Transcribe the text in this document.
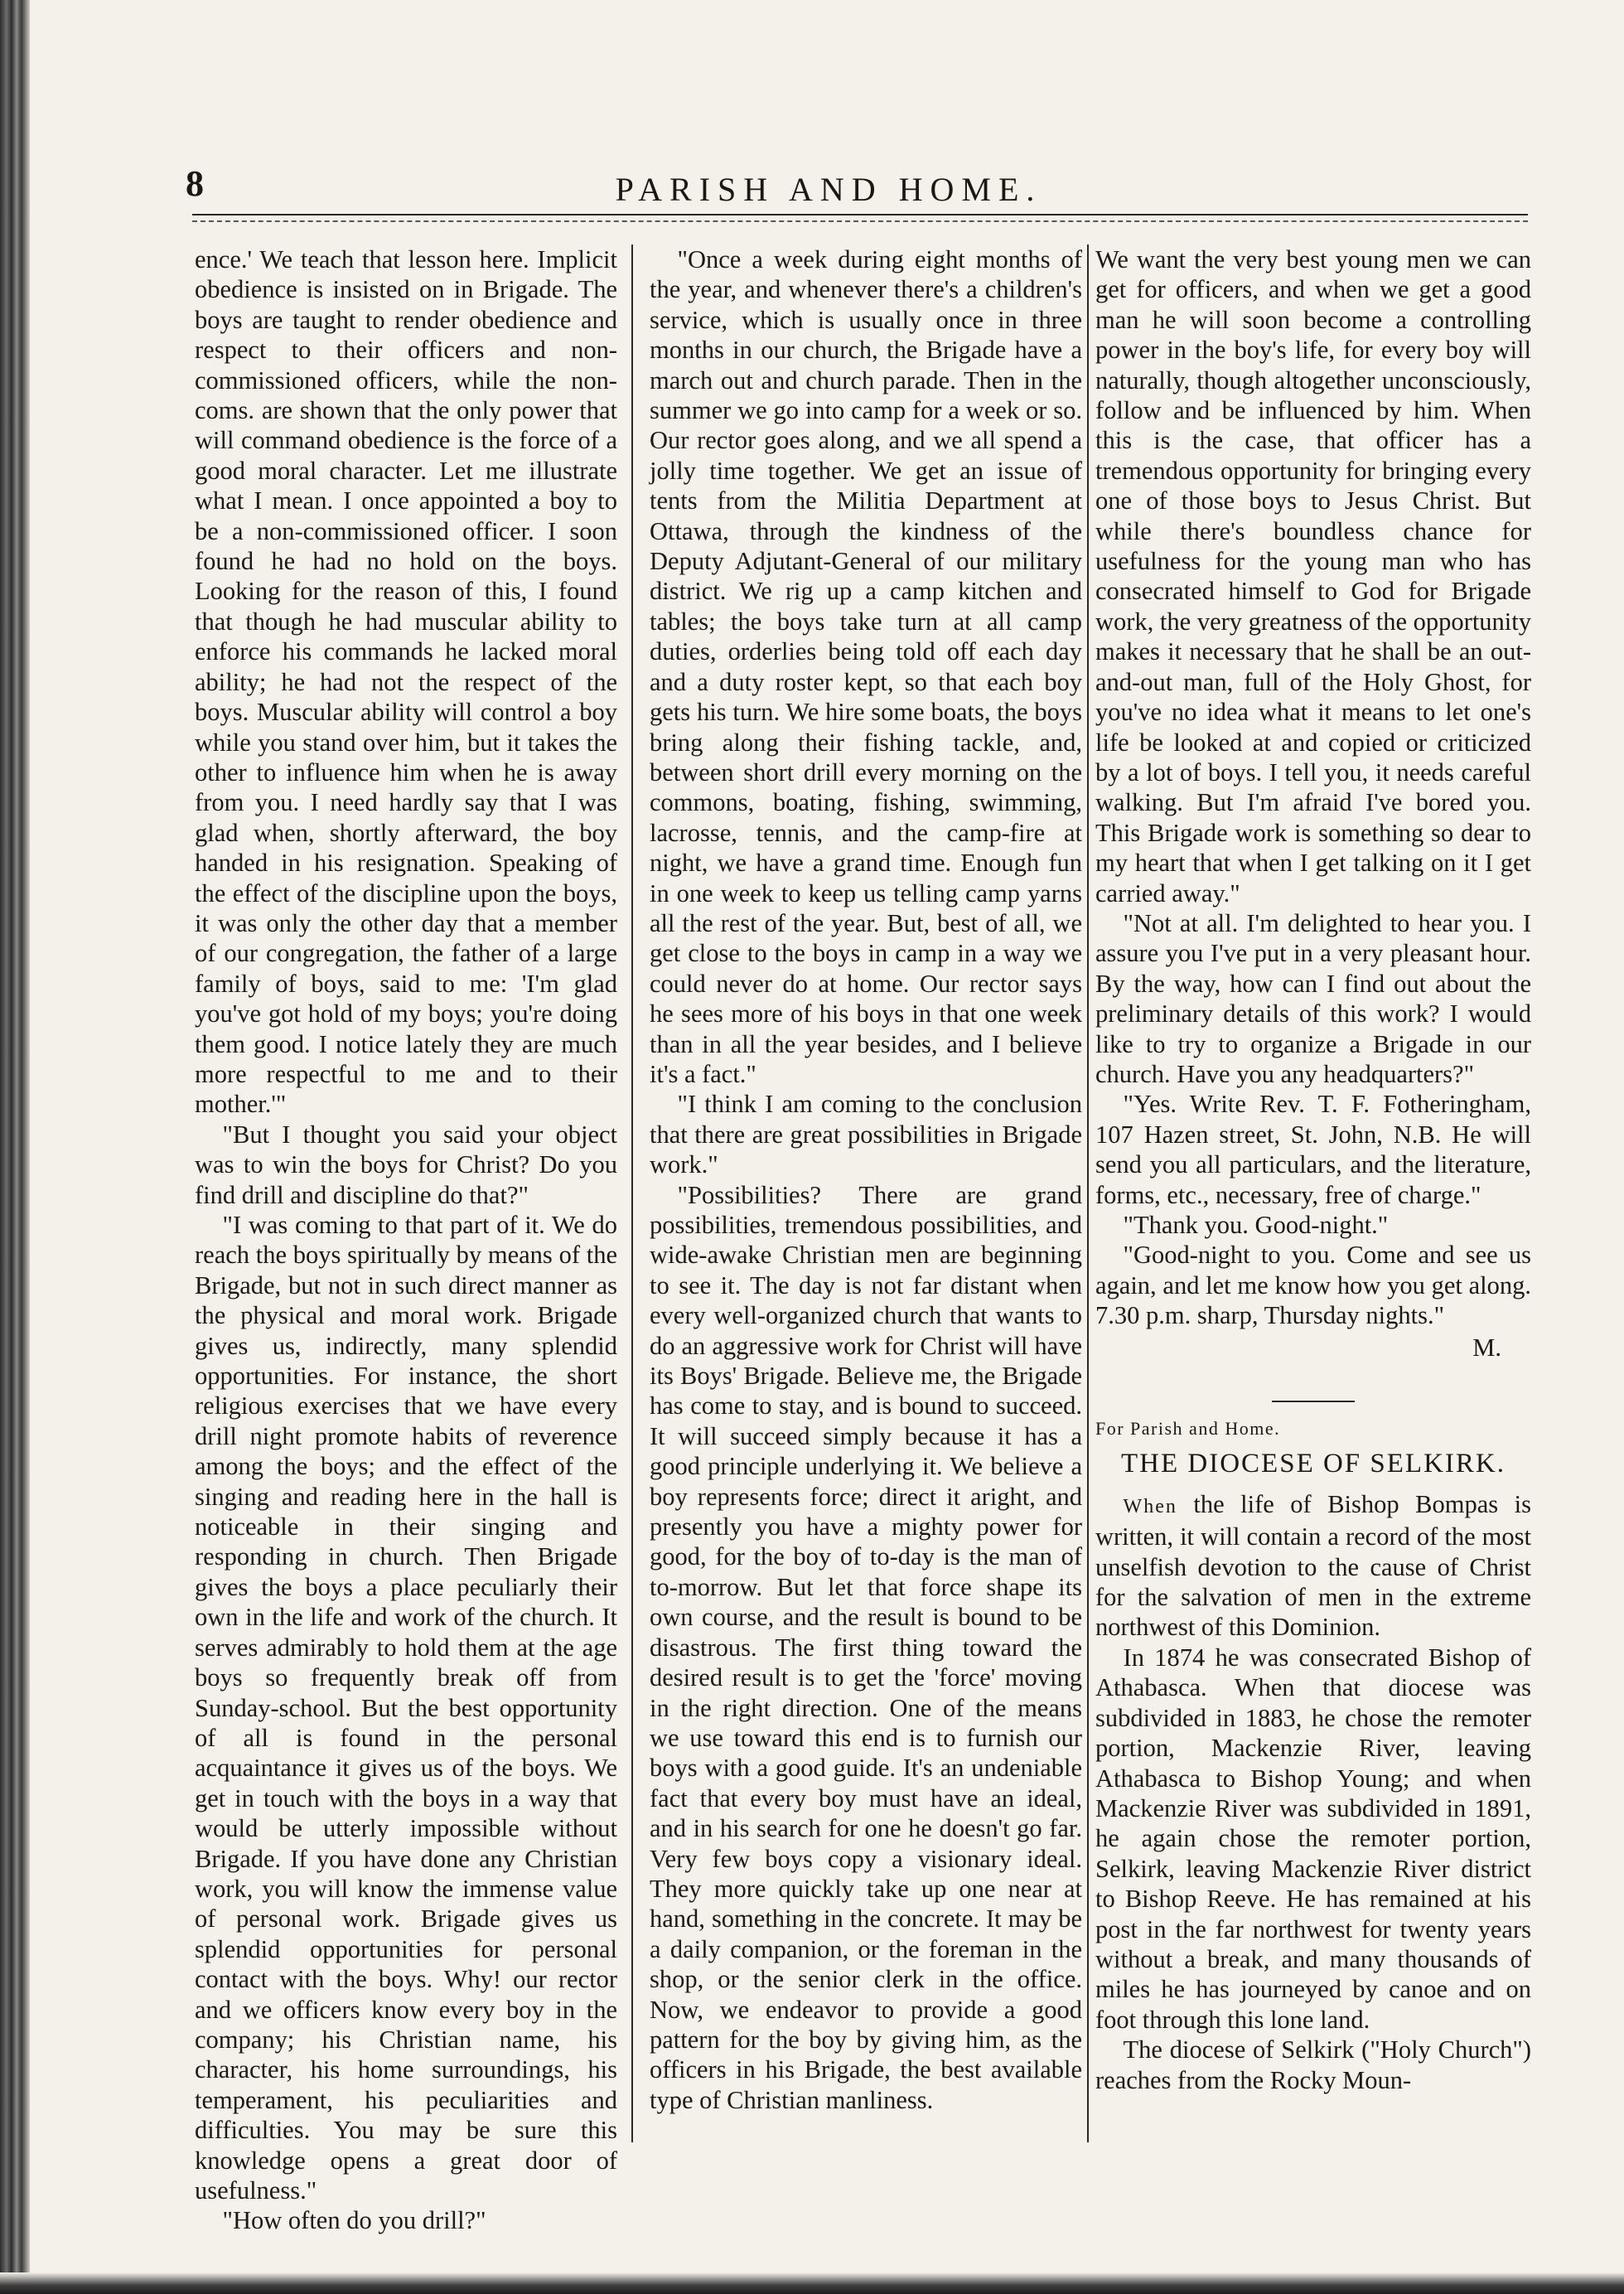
8	PARISH AND HOME.

ence.' We teach that lesson here. Implicit obedience is insisted on in Brigade. The boys are taught to render obedience and respect to their officers and non-commissioned officers, while the non-coms. are shown that the only power that will command obedience is the force of a good moral character. Let me illustrate what I mean. I once appointed a boy to be a non-commissioned officer. I soon found he had no hold on the boys. Looking for the reason of this, I found that though he had muscular ability to enforce his commands he lacked moral ability; he had not the respect of the boys. Muscular ability will control a boy while you stand over him, but it takes the other to influence him when he is away from you. I need hardly say that I was glad when, shortly afterward, the boy handed in his resignation. Speaking of the effect of the discipline upon the boys, it was only the other day that a member of our congregation, the father of a large family of boys, said to me: 'I'm glad you've got hold of my boys; you're doing them good. I notice lately they are much more respectful to me and to their mother.'"

"But I thought you said your object was to win the boys for Christ? Do you find drill and discipline do that?"

"I was coming to that part of it. We do reach the boys spiritually by means of the Brigade, but not in such direct manner as the physical and moral work. Brigade gives us, indirectly, many splendid opportunities. For instance, the short religious exercises that we have every drill night promote habits of reverence among the boys; and the effect of the singing and reading here in the hall is noticeable in their singing and responding in church. Then Brigade gives the boys a place peculiarly their own in the life and work of the church. It serves admirably to hold them at the age boys so frequently break off from Sunday-school. But the best opportunity of all is found in the personal acquaintance it gives us of the boys. We get in touch with the boys in a way that would be utterly impossible without Brigade. If you have done any Christian work, you will know the immense value of personal work. Brigade gives us splendid opportunities for personal contact with the boys. Why! our rector and we officers know every boy in the company; his Christian name, his character, his home surroundings, his temperament, his peculiarities and difficulties. You may be sure this knowledge opens a great door of usefulness."

"How often do you drill?"

"Once a week during eight months of the year, and whenever there's a children's service, which is usually once in three months in our church, the Brigade have a march out and church parade. Then in the summer we go into camp for a week or so. Our rector goes along, and we all spend a jolly time together. We get an issue of tents from the Militia Department at Ottawa, through the kindness of the Deputy Adjutant-General of our military district. We rig up a camp kitchen and tables; the boys take turn at all camp duties, orderlies being told off each day and a duty roster kept, so that each boy gets his turn. We hire some boats, the boys bring along their fishing tackle, and, between short drill every morning on the commons, boating, fishing, swimming, lacrosse, tennis, and the camp-fire at night, we have a grand time. Enough fun in one week to keep us telling camp yarns all the rest of the year. But, best of all, we get close to the boys in camp in a way we could never do at home. Our rector says he sees more of his boys in that one week than in all the year besides, and I believe it's a fact."

"I think I am coming to the conclusion that there are great possibilities in Brigade work."

"Possibilities? There are grand possibilities, tremendous possibilities, and wide-awake Christian men are beginning to see it. The day is not far distant when every well-organized church that wants to do an aggressive work for Christ will have its Boys' Brigade. Believe me, the Brigade has come to stay, and is bound to succeed. It will succeed simply because it has a good principle underlying it. We believe a boy represents force; direct it aright, and presently you have a mighty power for good, for the boy of to-day is the man of to-morrow. But let that force shape its own course, and the result is bound to be disastrous. The first thing toward the desired result is to get the 'force' moving in the right direction. One of the means we use toward this end is to furnish our boys with a good guide. It's an undeniable fact that every boy must have an ideal, and in his search for one he doesn't go far. Very few boys copy a visionary ideal. They more quickly take up one near at hand, something in the concrete. It may be a daily companion, or the foreman in the shop, or the senior clerk in the office. Now, we endeavor to provide a good pattern for the boy by giving him, as the officers in his Brigade, the best available type of Christian manliness.

We want the very best young men we can get for officers, and when we get a good man he will soon become a controlling power in the boy's life, for every boy will naturally, though altogether unconsciously, follow and be influenced by him. When this is the case, that officer has a tremendous opportunity for bringing every one of those boys to Jesus Christ. But while there's boundless chance for usefulness for the young man who has consecrated himself to God for Brigade work, the very greatness of the opportunity makes it necessary that he shall be an out-and-out man, full of the Holy Ghost, for you've no idea what it means to let one's life be looked at and copied or criticized by a lot of boys. I tell you, it needs careful walking. But I'm afraid I've bored you. This Brigade work is something so dear to my heart that when I get talking on it I get carried away."

"Not at all. I'm delighted to hear you. I assure you I've put in a very pleasant hour. By the way, how can I find out about the preliminary details of this work? I would like to try to organize a Brigade in our church. Have you any headquarters?"

"Yes. Write Rev. T. F. Fotheringham, 107 Hazen street, St. John, N.B. He will send you all particulars, and the literature, forms, etc., necessary, free of charge."

"Thank you. Good-night."

"Good-night to you. Come and see us again, and let me know how you get along. 7.30 p.m. sharp, Thursday nights."

M.
For Parish and Home.
THE DIOCESE OF SELKIRK.

When the life of Bishop Bompas is written, it will contain a record of the most unselfish devotion to the cause of Christ for the salvation of men in the extreme northwest of this Dominion.

In 1874 he was consecrated Bishop of Athabasca. When that diocese was subdivided in 1883, he chose the remoter portion, Mackenzie River, leaving Athabasca to Bishop Young; and when Mackenzie River was subdivided in 1891, he again chose the remoter portion, Selkirk, leaving Mackenzie River district to Bishop Reeve. He has remained at his post in the far northwest for twenty years without a break, and many thousands of miles he has journeyed by canoe and on foot through this lone land.

The diocese of Selkirk ("Holy Church") reaches from the Rocky Moun-
